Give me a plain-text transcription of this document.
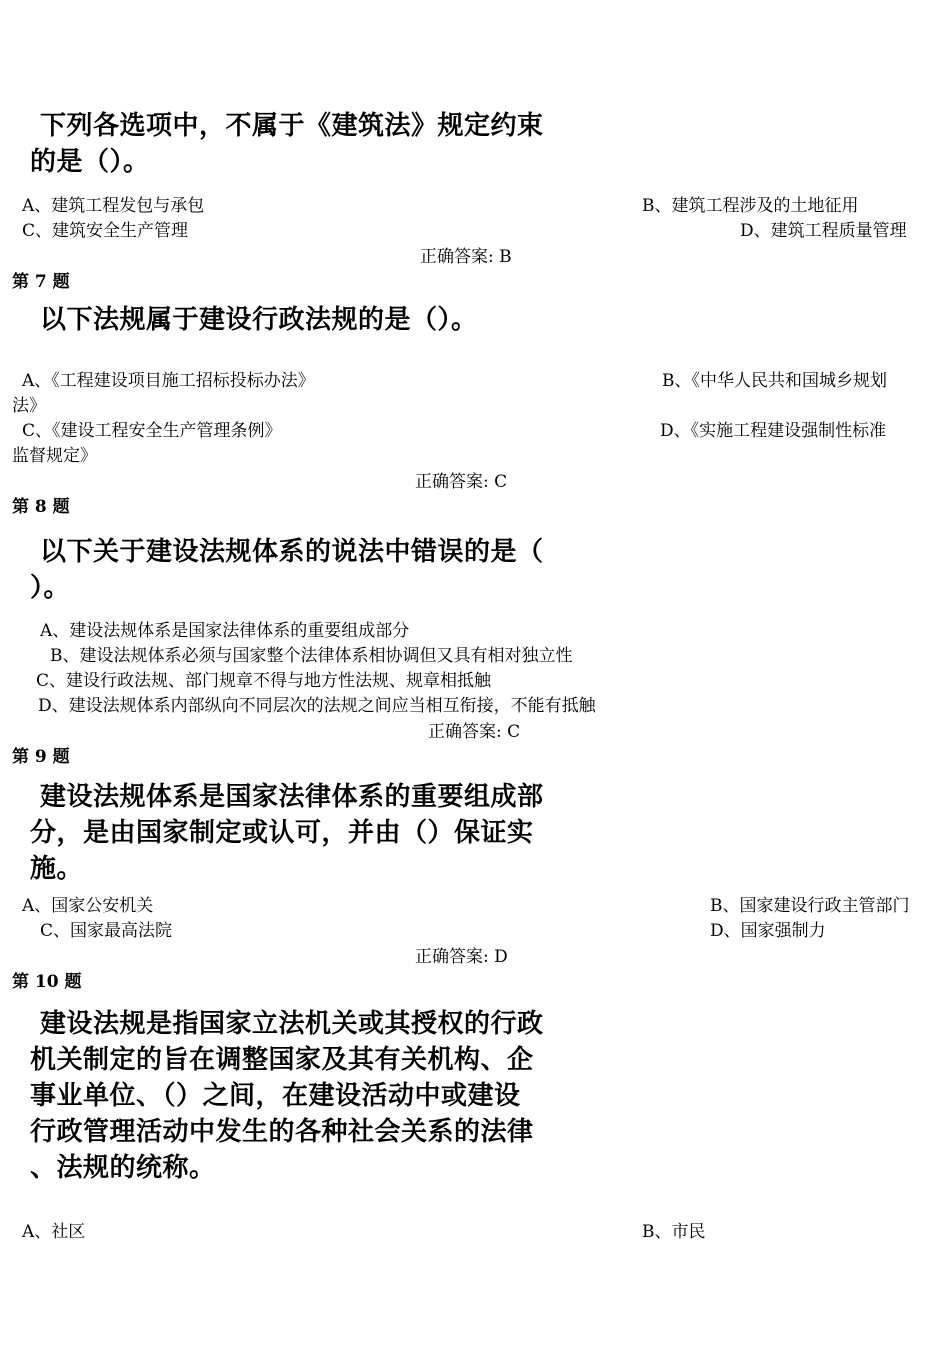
下列各选项中，不属于《建筑法》规定约束
的是（）。
A、建筑工程发包与承包	B、建筑工程涉及的土地征用
C、建筑安全生产管理	D、建筑工程质量管理
正确答案: B
第 7 题
以下法规属于建设行政法规的是（）。
A、《工程建设项目施工招标投标办法》	B、《中华人民共和国城乡规划
法》
C、《建设工程安全生产管理条例》	D、《实施工程建设强制性标准
监督规定》
正确答案: C
第 8 题
以下关于建设法规体系的说法中错误的是（
）。
A、建设法规体系是国家法律体系的重要组成部分
B、建设法规体系必须与国家整个法律体系相协调但又具有相对独立性
C、建设行政法规、部门规章不得与地方性法规、规章相抵触
D、建设法规体系内部纵向不同层次的法规之间应当相互衔接，不能有抵触
正确答案: C
第 9 题
建设法规体系是国家法律体系的重要组成部
分，是由国家制定或认可，并由（）保证实
施。
A、国家公安机关	B、国家建设行政主管部门
C、国家最高法院	D、国家强制力
正确答案: D
第 10 题
建设法规是指国家立法机关或其授权的行政
机关制定的旨在调整国家及其有关机构、企
事业单位、（）之间，在建设活动中或建设
行政管理活动中发生的各种社会关系的法律
、法规的统称。
A、社区	B、市民
